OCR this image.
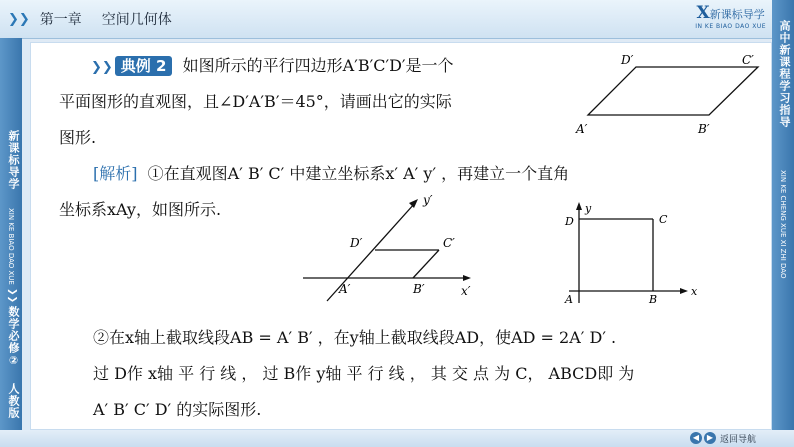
❯❯ 第一章 空间几何体	X新课标导学
IN KE BIAO DAO XUE 高中新课程学习指导
XIN KE CHENG XUE XI ZHI DAO
新课标导学
XIN KE BIAO DAO XUE
❯❯
数学必修②
人教版
❯❯ 典例 2 如图所示的平行四边形A′B′C′D′是一个
平面图形的直观图，且∠D′A′B′＝45°，请画出它的实际
图形.
[解析] ①在直观图A′ B′ C′ 中建立坐标系x′ A′ y′ ，再建立一个直角
坐标系xAy，如图所示.
②在x轴上截取线段AB = A′ B′ ，在y轴上截取线段AD，使AD = 2A′ D′ .
过 D作 x轴 平 行 线 ， 过 B作 y轴 平 行 线 ， 其 交 点 为 C， ABCD即 为
A′ B′ C′ D′ 的实际图形.
D′	C′
A′	B′
y′
D′	C′
A′	B′	x′
y
D	C
A	B
x
◀ ▶ 返回导航
